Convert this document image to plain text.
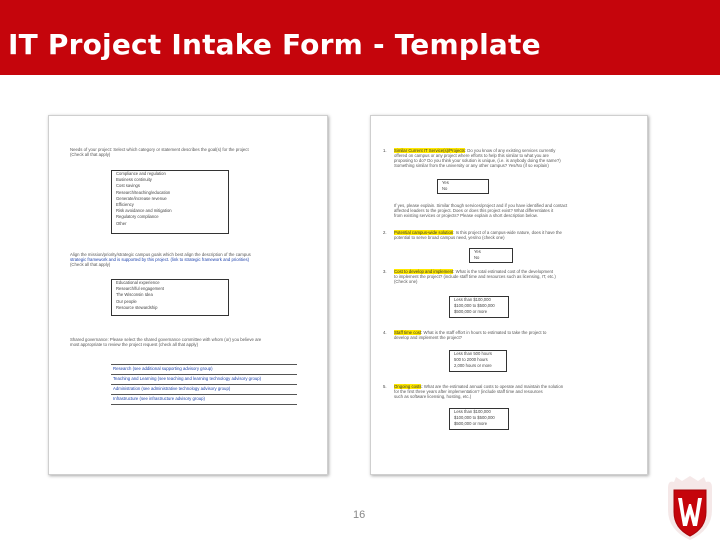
IT Project Intake Form - Template
Needs of your project: Select which category or statement describes the goal(s) for the project
(Check all that apply)
Compliance and regulation
Business continuity
Cost savings
Research/teaching/education
Generate/increase revenue
Efficiency
Risk avoidance and mitigation
Regulatory compliance
Other
Align the mission/priority/strategic campus goals which best align the description of the campus
strategic framework and is supported by this project. (link to strategic framework and priorities)
(Check all that apply)
Educational experience
Research/ful engagement
The Wisconsin Idea
Our people
Resource stewardship
Shared governance: Please select the shared governance committee with whom (or) you believe are
most appropriate to review the project request (check all that apply)
Research (see additional supporting advisory group)
Teaching and Learning (see teaching and learning technology advisory group)
Administration (see administrative technology advisory group)
Infrastructure (see infrastructure advisory group)
1. Similar Current IT Service(s)/Projects: Do you know of any existing services currently
offered on campus or any project where efforts to help this similar to what you are
proposing to do? Do you think your solution is unique, (i.e. is anybody doing the same?)
Something similar from the university or any other campus? Yes/No (if so explain)
Yes
No
If yes, please explain. Similar though services/project and if you have identified and contact
affected leaders to the project. Does or does this project exist? What differentiates it
from existing services or projects? Please explain a short description below.
2. Potential campus-wide solution: Is this project of a campus-wide nature, does it have the
potential to serve broad campus need, yes/no (check one)
Yes
No
3. Cost to develop and implement: What is the total estimated cost of the development
to implement the project? (include staff time and resources such as licensing, IT, etc.)
(Check one)
Less than $100,000
$100,000 to $500,000
$500,000 or more
4. Staff time cost: What is the staff effort in hours to estimated to take the project to
develop and implement the project?
Less than 500 hours
500 to 2000 hours
2,000 hours or more
5. Ongoing costs: What are the estimated annual costs to operate and maintain the solution
for the first three years after implementation? (include staff time and resources
such as software licensing, hosting, etc.)
Less than $100,000
$100,000 to $500,000
$500,000 or more
16
